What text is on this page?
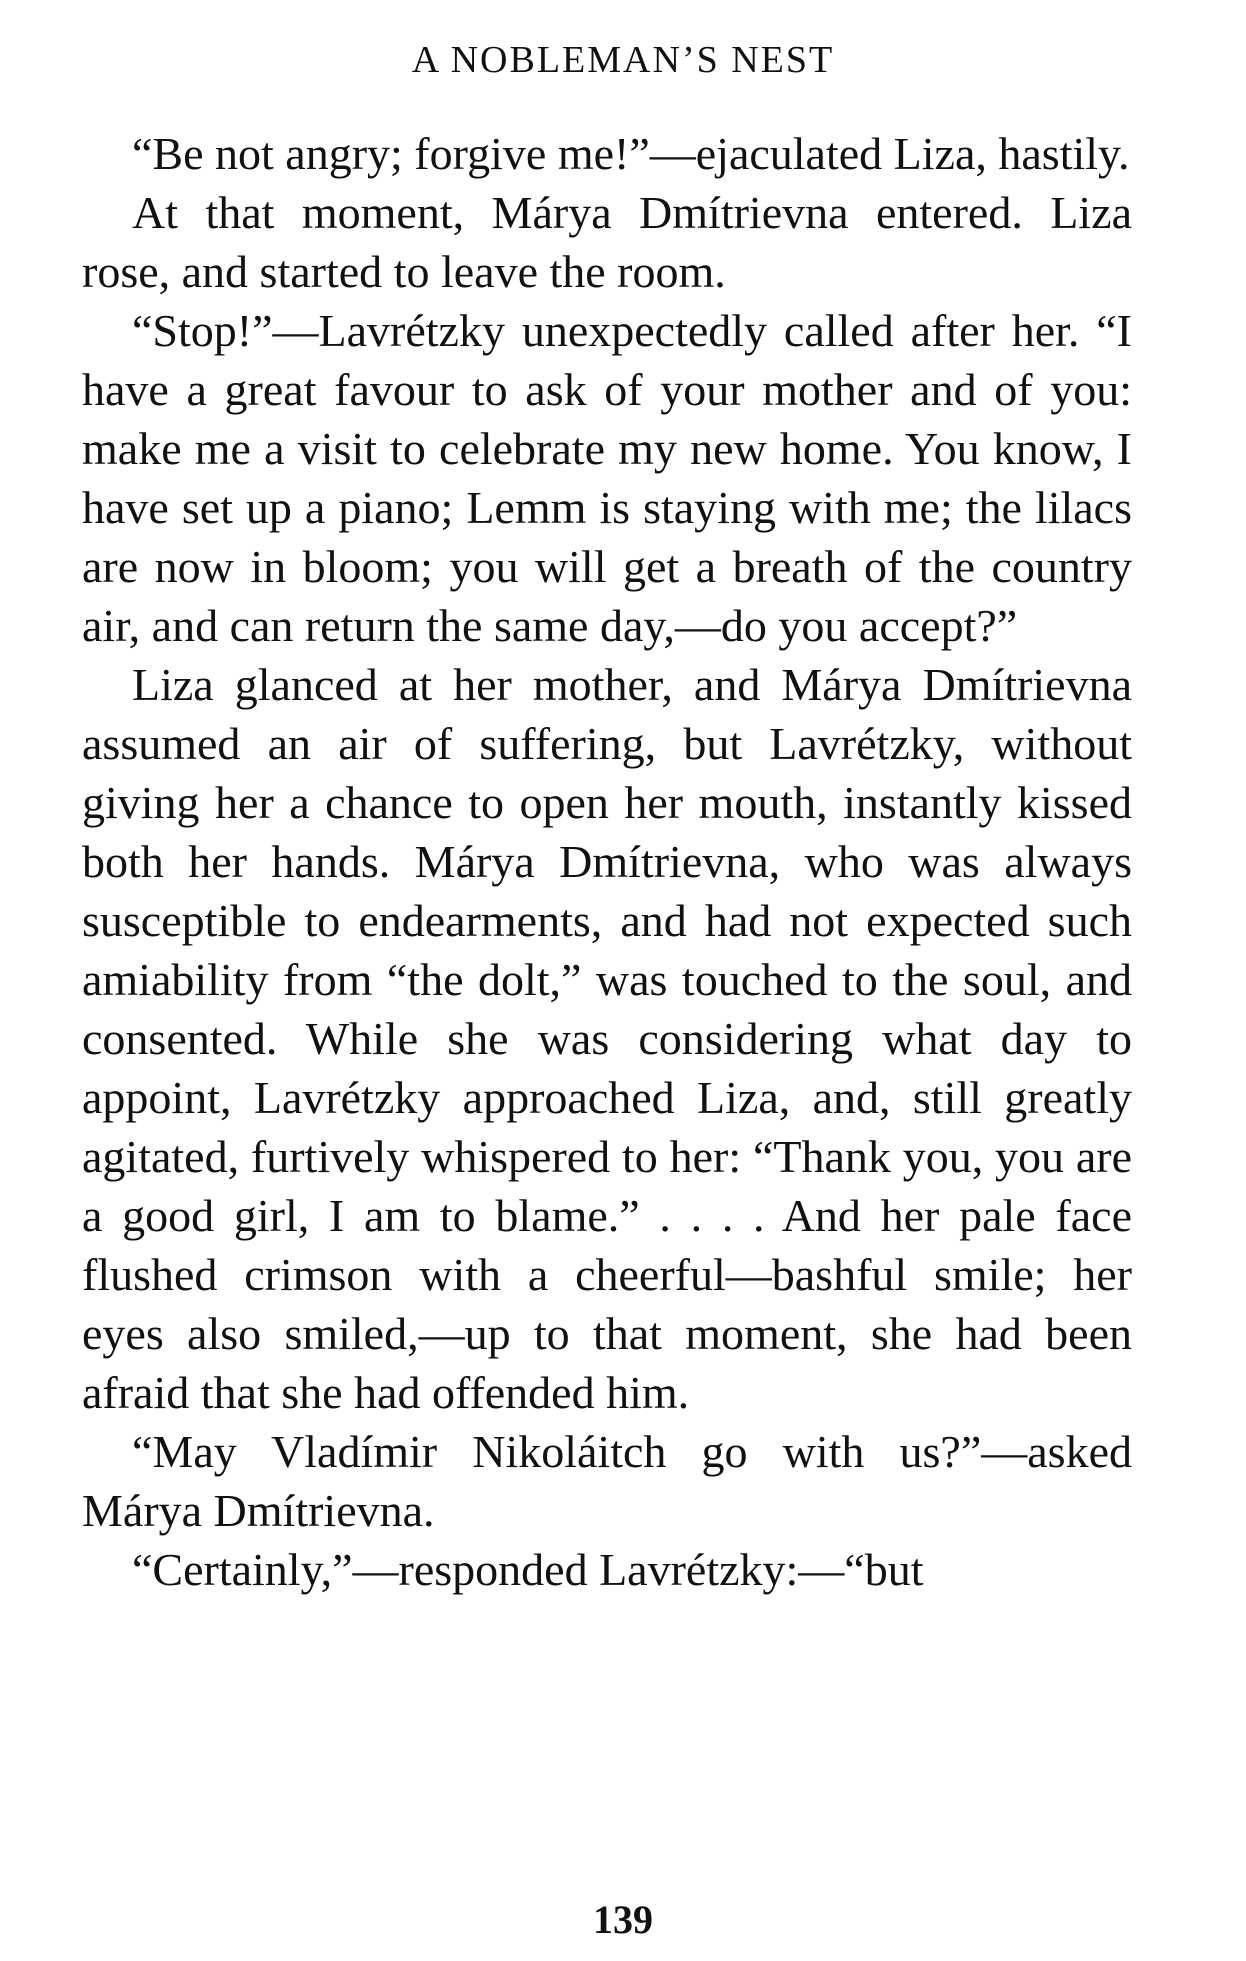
A NOBLEMAN’S NEST

“Be not angry; forgive me!”—ejaculated Liza, hastily.

At that moment, Márya Dmítrievna entered. Liza rose, and started to leave the room.

“Stop!”—Lavrétzky unexpectedly called after her. “I have a great favour to ask of your mother and of you: make me a visit to celebrate my new home. You know, I have set up a piano; Lemm is staying with me; the lilacs are now in bloom; you will get a breath of the country air, and can return the same day,—do you accept?”

Liza glanced at her mother, and Márya Dmítrievna assumed an air of suffering, but Lavrétzky, without giving her a chance to open her mouth, instantly kissed both her hands. Márya Dmítrievna, who was always susceptible to endearments, and had not expected such amiability from “the dolt,” was touched to the soul, and consented. While she was considering what day to appoint, Lavrétzky approached Liza, and, still greatly agitated, furtively whispered to her: “Thank you, you are a good girl, I am to blame.” . . . . And her pale face flushed crimson with a cheerful—bashful smile; her eyes also smiled,—up to that moment, she had been afraid that she had offended him.

“May Vladímir Nikoláitch go with us?”—asked Márya Dmítrievna.

“Certainly,”—responded Lavrétzky:—“but

139
